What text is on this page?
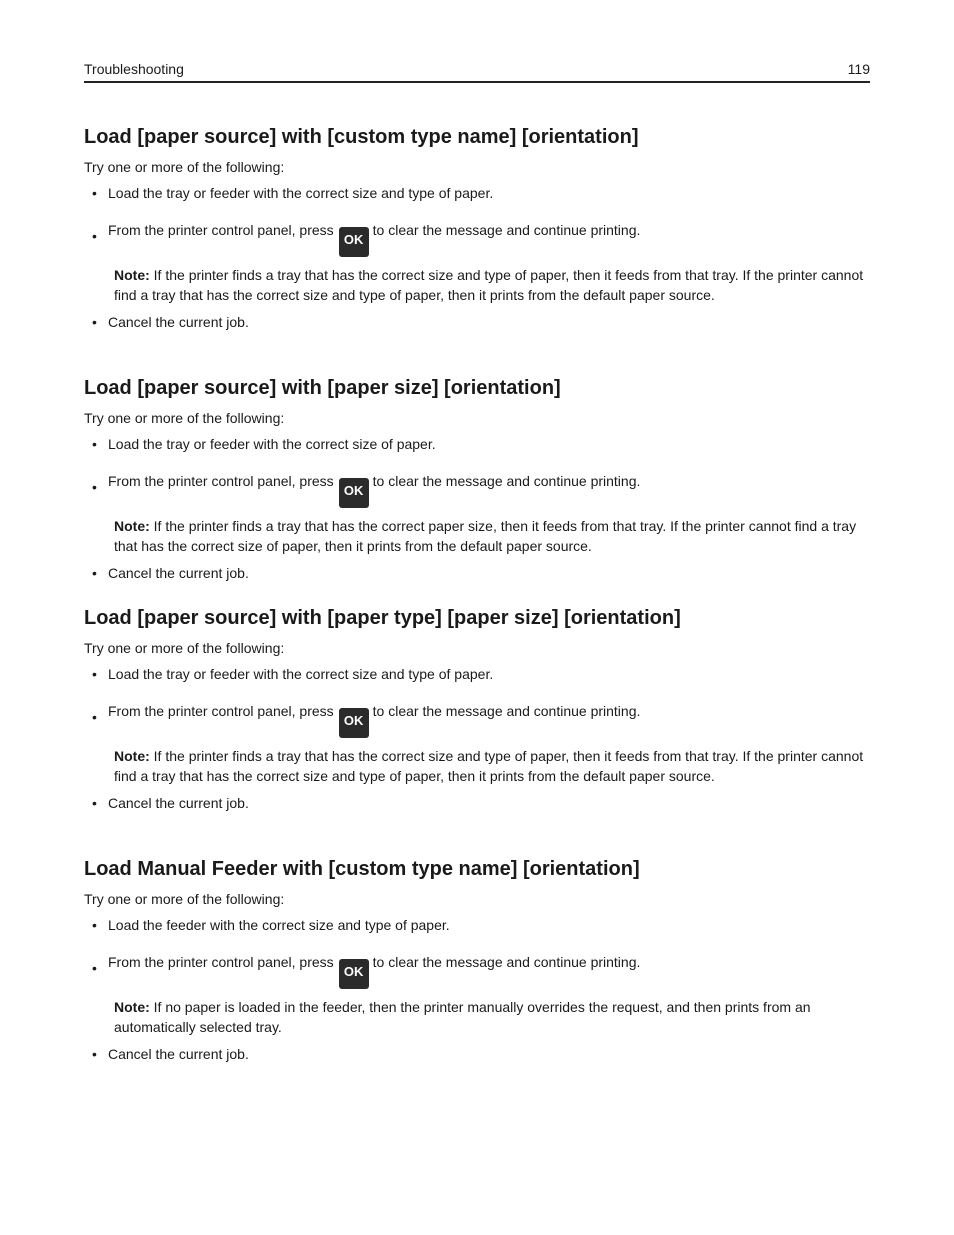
Troubleshooting	119
Load [paper source] with [custom type name] [orientation]

Try one or more of the following:

• Load the tray or feeder with the correct size and type of paper.
• From the printer control panel, pressOKto clear the message and continue printing.

Note: If the printer finds a tray that has the correct size and type of paper, then it feeds from that tray. If the printer cannot find a tray that has the correct size and type of paper, then it prints from the default paper source.

• Cancel the current job.
Load [paper source] with [paper size] [orientation]

Try one or more of the following:

• Load the tray or feeder with the correct size of paper.
• From the printer control panel, pressOKto clear the message and continue printing.

Note: If the printer finds a tray that has the correct paper size, then it feeds from that tray. If the printer cannot find a tray that has the correct size of paper, then it prints from the default paper source.

• Cancel the current job.
Load [paper source] with [paper type] [paper size] [orientation]

Try one or more of the following:

• Load the tray or feeder with the correct size and type of paper.
• From the printer control panel, pressOKto clear the message and continue printing.

Note: If the printer finds a tray that has the correct size and type of paper, then it feeds from that tray. If the printer cannot find a tray that has the correct size and type of paper, then it prints from the default paper source.

• Cancel the current job.
Load Manual Feeder with [custom type name] [orientation]

Try one or more of the following:

• Load the feeder with the correct size and type of paper.
• From the printer control panel, pressOKto clear the message and continue printing.

Note: If no paper is loaded in the feeder, then the printer manually overrides the request, and then prints from an automatically selected tray.

• Cancel the current job.
